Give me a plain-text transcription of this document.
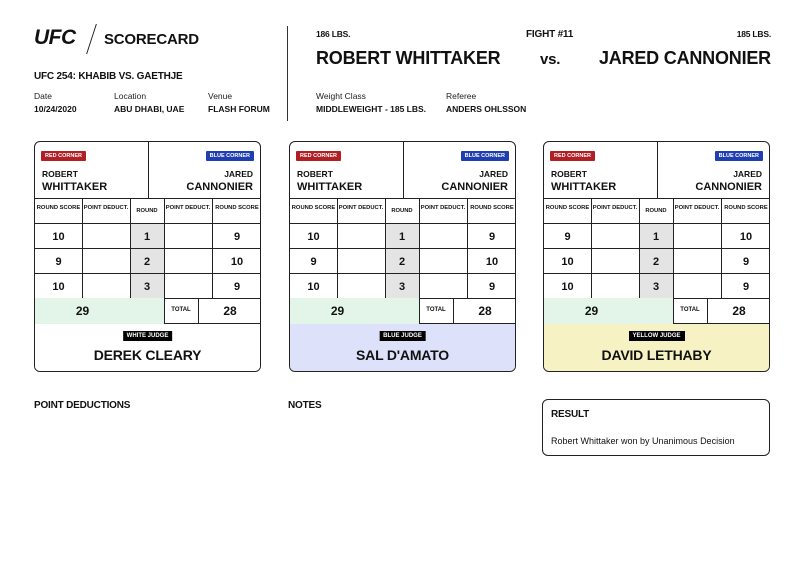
UFC SCORECARD
UFC 254: KHABIB VS. GAETHJE
Date
10/24/2020
Location
ABU DHABI, UAE
Venue
FLASH FORUM
186 LBS.	FIGHT #11	185 LBS.
ROBERT WHITTAKER	vs. JARED CANNONIER
Weight Class
MIDDLEWEIGHT - 185 LBS.
Referee
ANDERS OHLSSON
RED CORNER	BLUE CORNER
ROBERT
WHITTAKER
JARED
CANNONIER
ROUND SCORE POINT DEDUCT.	ROUND	POINT DEDUCT. ROUND SCORE
10	1	9
9	2	10
10	3	9
29	TOTAL	28
WHITE JUDGE
DEREK CLEARY
RED CORNER	BLUE CORNER
ROBERT
WHITTAKER
JARED
CANNONIER
ROUND SCORE POINT DEDUCT.	ROUND	POINT DEDUCT. ROUND SCORE
10	1	9
9	2	10
10	3	9
29	TOTAL	28
BLUE JUDGE
SAL D'AMATO
RED CORNER	BLUE CORNER
ROBERT
WHITTAKER
JARED
CANNONIER
ROUND SCORE POINT DEDUCT.	ROUND	POINT DEDUCT. ROUND SCORE
9	1	10
10	2	9
10	3	9
29	TOTAL	28
YELLOW JUDGE
DAVID LETHABY
POINT DEDUCTIONS	NOTES
RESULT
Robert Whittaker won by Unanimous Decision
